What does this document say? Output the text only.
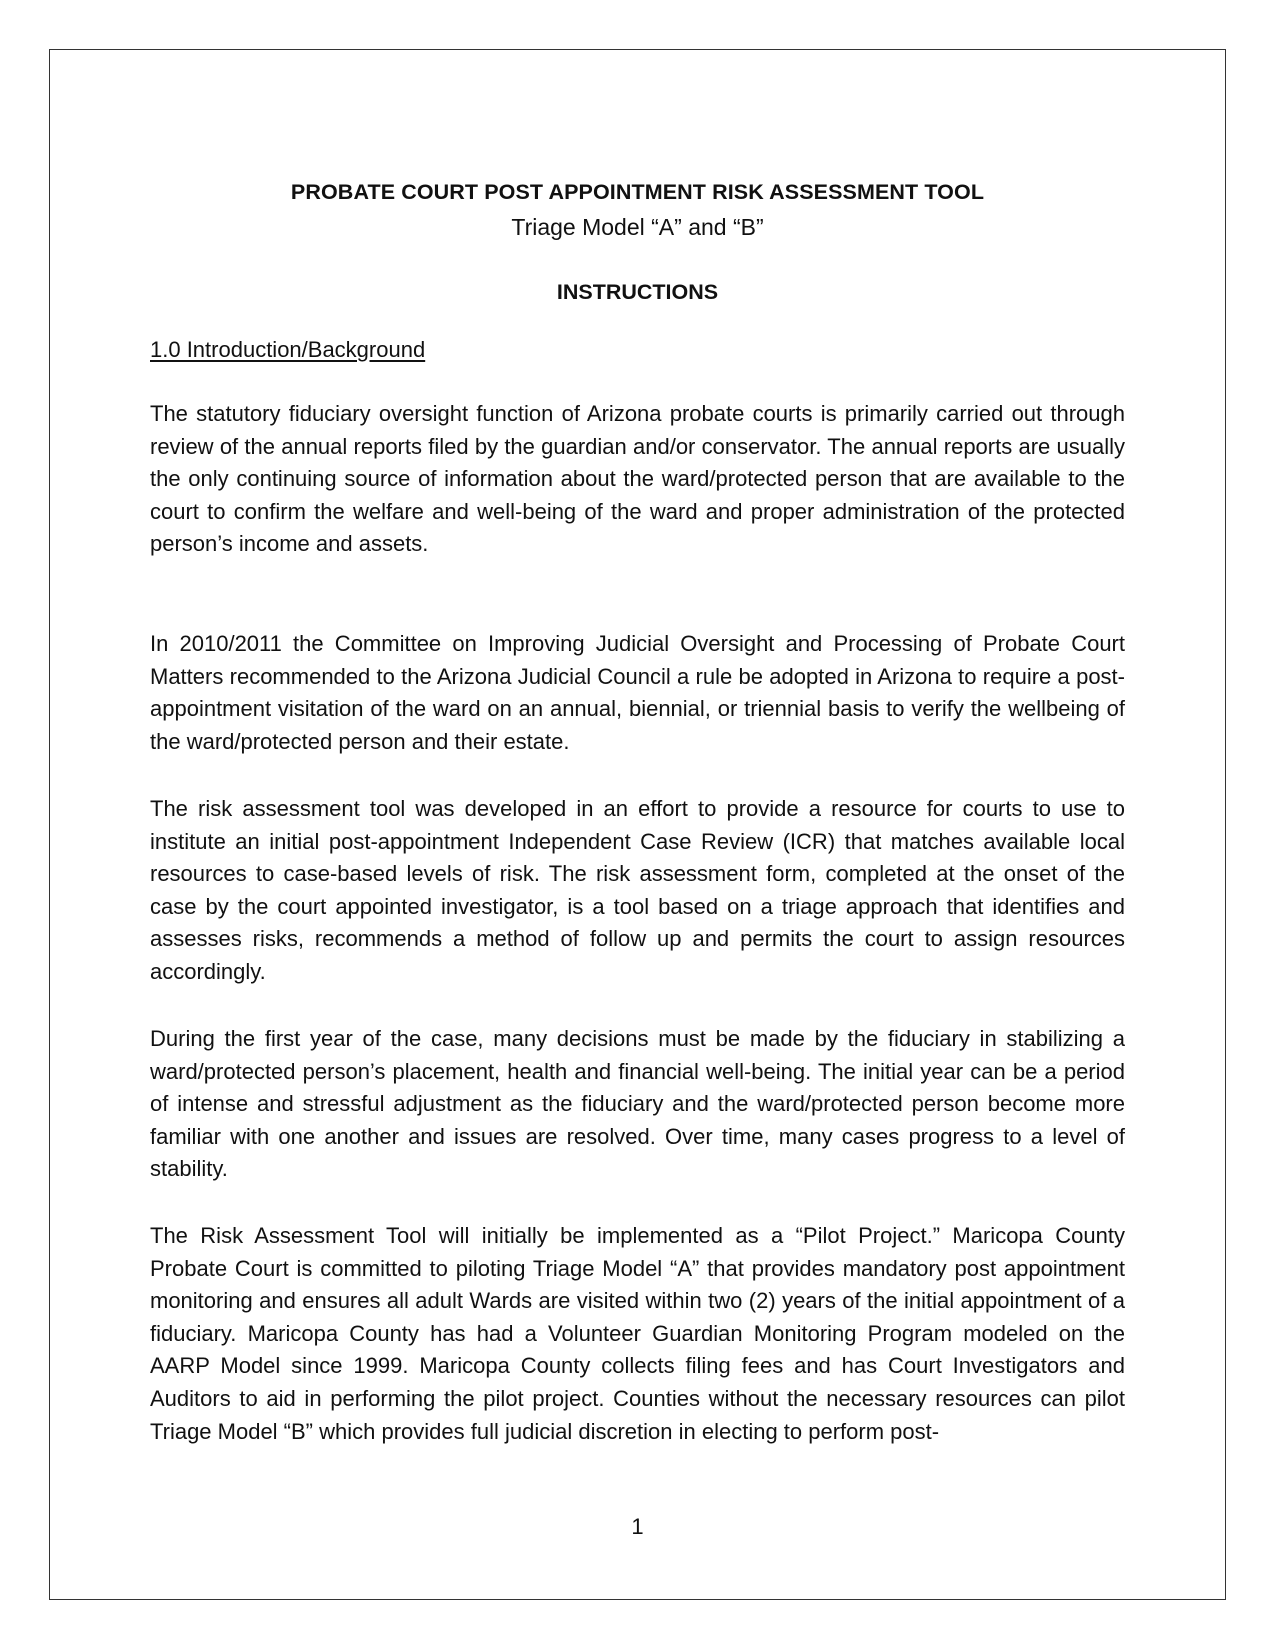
PROBATE COURT POST APPOINTMENT RISK ASSESSMENT TOOL
Triage Model “A” and “B”
INSTRUCTIONS
1.0 Introduction/Background

The statutory fiduciary oversight function of Arizona probate courts is primarily carried out through review of the annual reports filed by the guardian and/or conservator. The annual reports are usually the only continuing source of information about the ward/protected person that are available to the court to confirm the welfare and well-being of the ward and proper administration of the protected person’s income and assets.

In 2010/2011 the Committee on Improving Judicial Oversight and Processing of Probate Court Matters recommended to the Arizona Judicial Council a rule be adopted in Arizona to require a post-appointment visitation of the ward on an annual, biennial, or triennial basis to verify the wellbeing of the ward/protected person and their estate.

The risk assessment tool was developed in an effort to provide a resource for courts to use to institute an initial post-appointment Independent Case Review (ICR) that matches available local resources to case-based levels of risk. The risk assessment form, completed at the onset of the case by the court appointed investigator, is a tool based on a triage approach that identifies and assesses risks, recommends a method of follow up and permits the court to assign resources accordingly.

During the first year of the case, many decisions must be made by the fiduciary in stabilizing a ward/protected person’s placement, health and financial well-being. The initial year can be a period of intense and stressful adjustment as the fiduciary and the ward/protected person become more familiar with one another and issues are resolved. Over time, many cases progress to a level of stability.

The Risk Assessment Tool will initially be implemented as a “Pilot Project.” Maricopa County Probate Court is committed to piloting Triage Model “A” that provides mandatory post appointment monitoring and ensures all adult Wards are visited within two (2) years of the initial appointment of a fiduciary. Maricopa County has had a Volunteer Guardian Monitoring Program modeled on the AARP Model since 1999. Maricopa County collects filing fees and has Court Investigators and Auditors to aid in performing the pilot project. Counties without the necessary resources can pilot Triage Model “B” which provides full judicial discretion in electing to perform post-

1
